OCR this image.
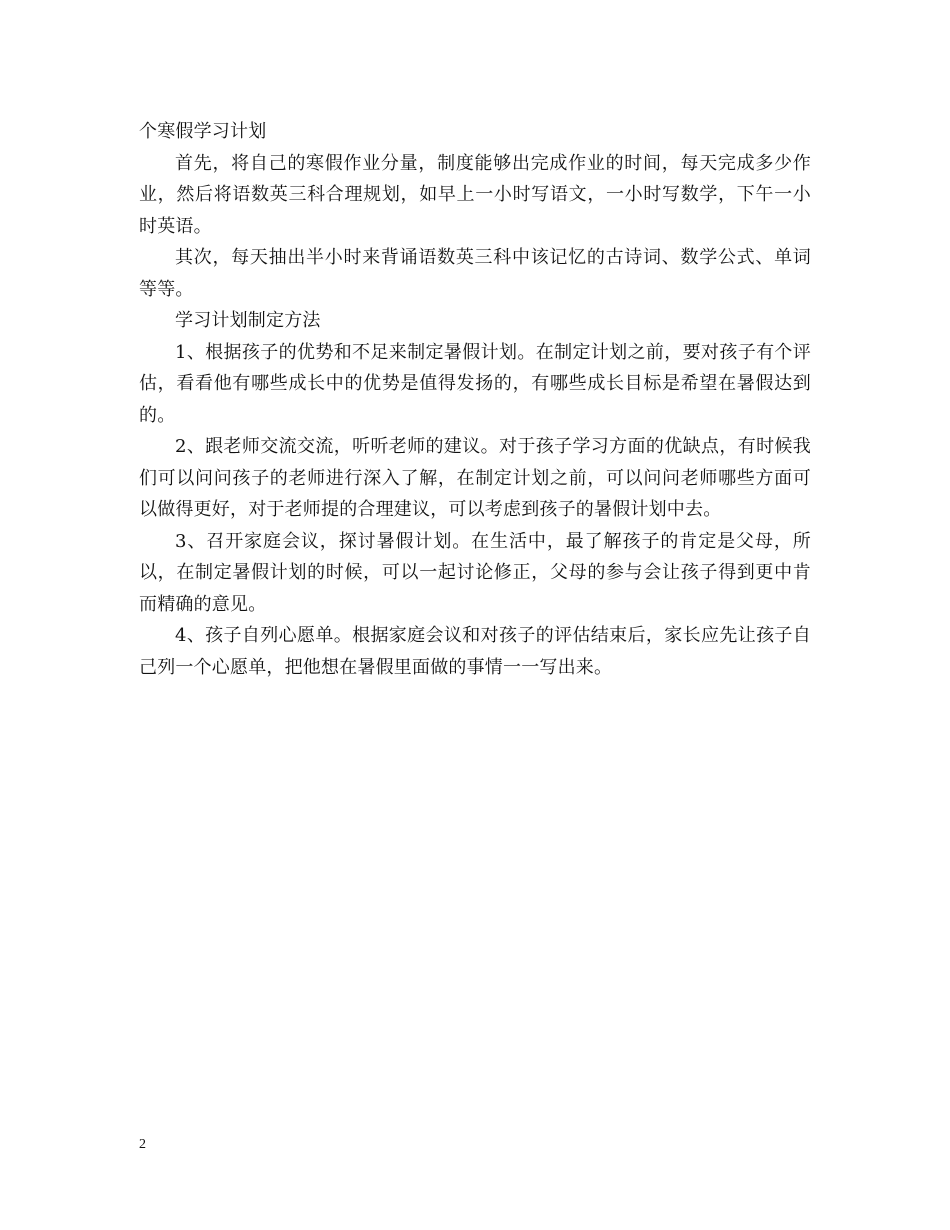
个寒假学习计划

首先，将自己的寒假作业分量，制度能够出完成作业的时间，每天完成多少作业，然后将语数英三科合理规划，如早上一小时写语文，一小时写数学，下午一小时英语。

其次，每天抽出半小时来背诵语数英三科中该记忆的古诗词、数学公式、单词等等。

学习计划制定方法

1、根据孩子的优势和不足来制定暑假计划。在制定计划之前，要对孩子有个评估，看看他有哪些成长中的优势是值得发扬的，有哪些成长目标是希望在暑假达到的。

2、跟老师交流交流，听听老师的建议。对于孩子学习方面的优缺点，有时候我们可以问问孩子的老师进行深入了解，在制定计划之前，可以问问老师哪些方面可以做得更好，对于老师提的合理建议，可以考虑到孩子的暑假计划中去。

3、召开家庭会议，探讨暑假计划。在生活中，最了解孩子的肯定是父母，所以，在制定暑假计划的时候，可以一起讨论修正，父母的参与会让孩子得到更中肯而精确的意见。

4、孩子自列心愿单。根据家庭会议和对孩子的评估结束后，家长应先让孩子自己列一个心愿单，把他想在暑假里面做的事情一一写出来。

2
